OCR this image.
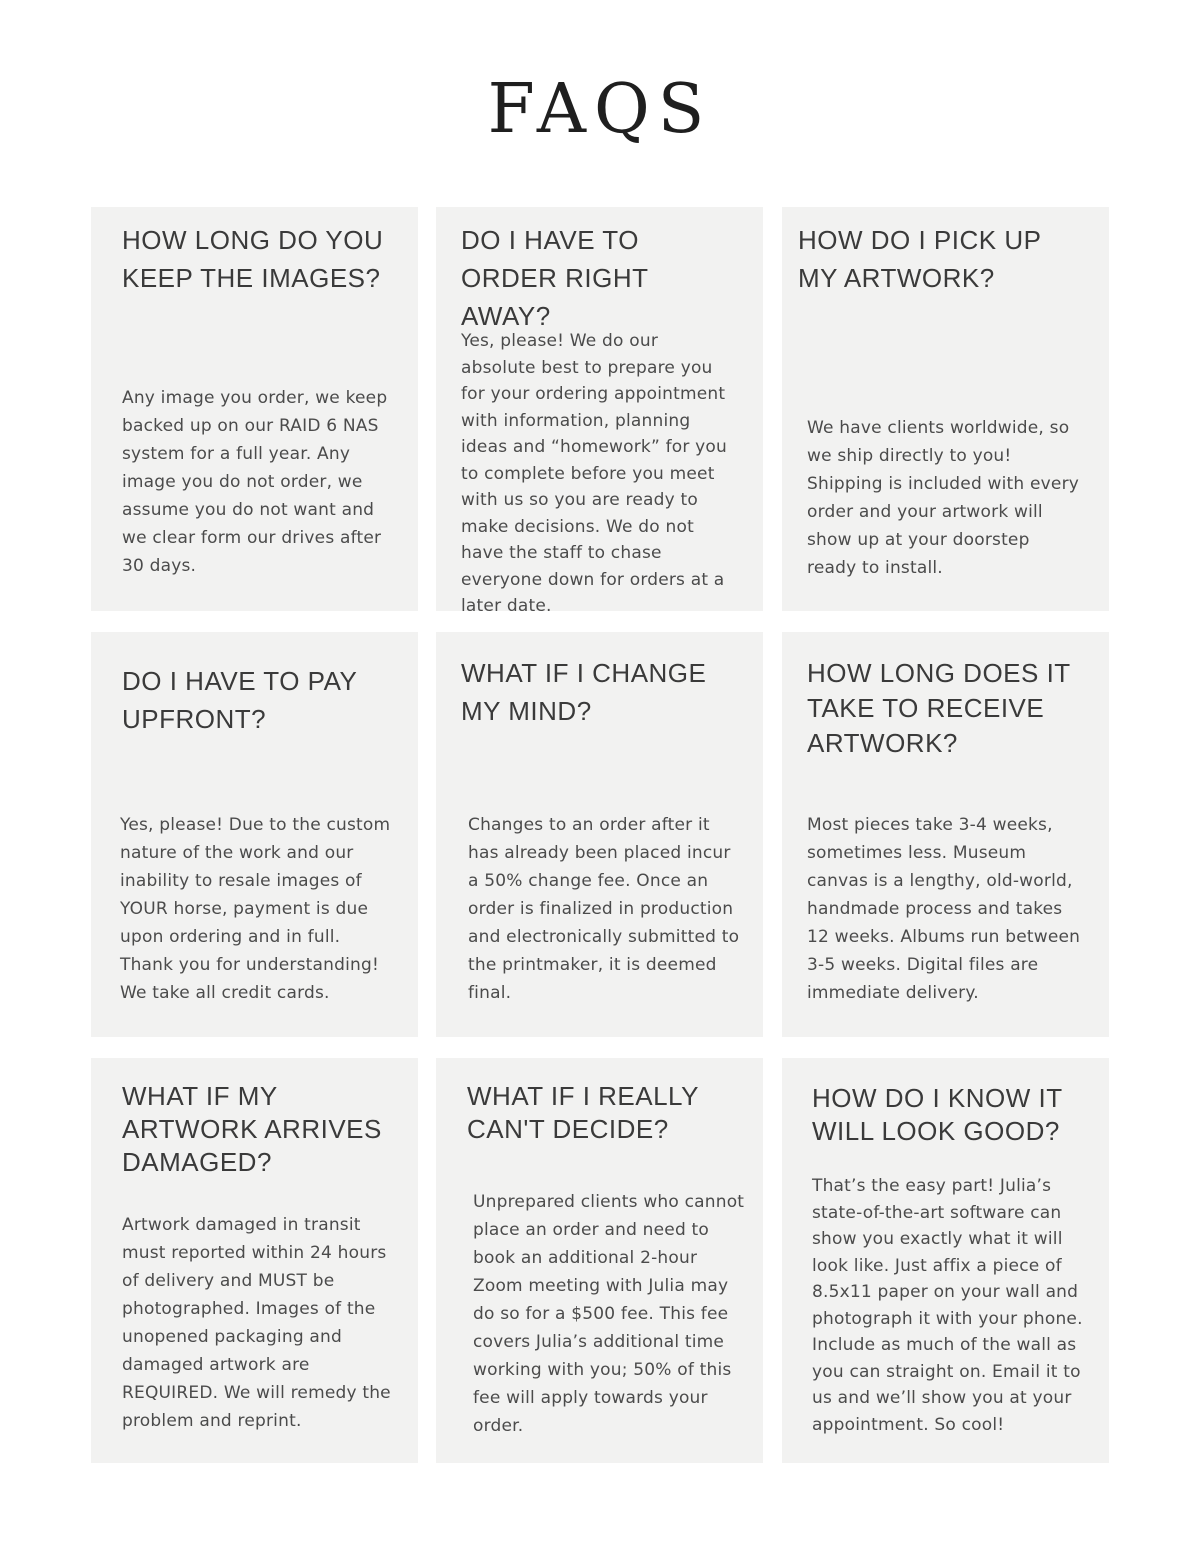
FAQS
HOW LONG DO YOU KEEP THE IMAGES?

Any image you order, we keep backed up on our RAID 6 NAS system for a full year. Any image you do not order, we assume you do not want and we clear form our drives after 30 days.

DO I HAVE TO ORDER RIGHT AWAY?

Yes, please! We do our absolute best to prepare you for your ordering appointment with information, planning ideas and “homework” for you to complete before you meet with us so you are ready to make decisions. We do not have the staff to chase everyone down for orders at a later date.

HOW DO I PICK UP MY ARTWORK?

We have clients worldwide, so we ship directly to you! Shipping is included with every order and your artwork will show up at your doorstep ready to install.

DO I HAVE TO PAY UPFRONT?

Yes, please! Due to the custom nature of the work and our inability to resale images of YOUR horse, payment is due upon ordering and in full. Thank you for understanding! We take all credit cards.

WHAT IF I CHANGE MY MIND?

Changes to an order after it has already been placed incur a 50% change fee. Once an order is finalized in production and electronically submitted to the printmaker, it is deemed final.

HOW LONG DOES IT TAKE TO RECEIVE ARTWORK?

Most pieces take 3-4 weeks, sometimes less. Museum canvas is a lengthy, old-world, handmade process and takes 12 weeks. Albums run between 3-5 weeks. Digital files are immediate delivery.

WHAT IF MY ARTWORK ARRIVES DAMAGED?

Artwork damaged in transit must reported within 24 hours of delivery and MUST be photographed. Images of the unopened packaging and damaged artwork are REQUIRED. We will remedy the problem and reprint.

WHAT IF I REALLY CAN'T DECIDE?

Unprepared clients who cannot place an order and need to book an additional 2-hour Zoom meeting with Julia may do so for a $500 fee. This fee covers Julia’s additional time working with you; 50% of this fee will apply towards your order.

HOW DO I KNOW IT WILL LOOK GOOD?

That’s the easy part! Julia’s state-of-the-art software can show you exactly what it will look like. Just affix a piece of 8.5x11 paper on your wall and photograph it with your phone. Include as much of the wall as you can straight on. Email it to us and we’ll show you at your appointment. So cool!
